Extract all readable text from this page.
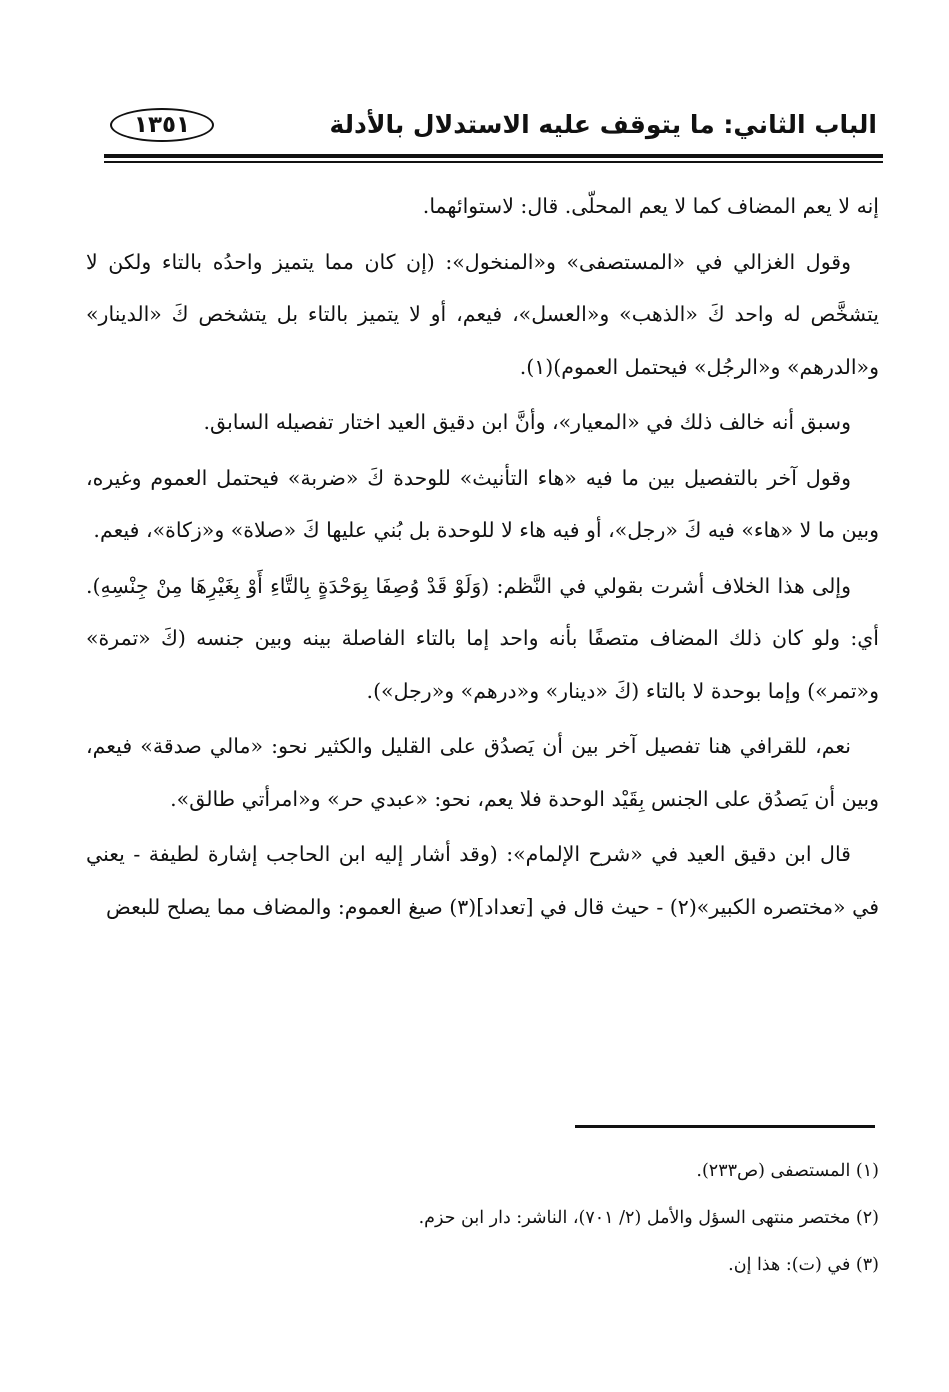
الباب الثاني: ما يتوقف عليه الاستدلال بالأدلة
١٣٥١

إنه لا يعم المضاف كما لا يعم المحلّى. قال: لاستوائهما.

وقول الغزالي في «المستصفى» و«المنخول»: (إن كان مما يتميز واحدُه بالتاء ولكن لا يتشخَّص له واحد كَ «الذهب» و«العسل»، فيعم، أو لا يتميز بالتاء بل يتشخص كَ «الدينار» و«الدرهم» و«الرجُل» فيحتمل العموم)(١).

وسبق أنه خالف ذلك في «المعيار»، وأنَّ ابن دقيق العيد اختار تفصيله السابق.

وقول آخر بالتفصيل بين ما فيه «هاء التأنيث» للوحدة كَ «ضربة» فيحتمل العموم وغيره، وبين ما لا «هاء» فيه كَ «رجل»، أو فيه هاء لا للوحدة بل بُني عليها كَ «صلاة» و«زكاة»، فيعم.

وإلى هذا الخلاف أشرت بقولي في النَّظم: (وَلَوْ قَدْ وُصِفَا بِوَحْدَةٍ بِالتَّاءِ أَوْ بِغَيْرِهَا مِنْ جِنْسِهِ). أي: ولو كان ذلك المضاف متصفًا بأنه واحد إما بالتاء الفاصلة بينه وبين جنسه (كَ «تمرة» و«تمر») وإما بوحدة لا بالتاء (كَ «دينار» و«درهم» و«رجل»).

نعم، للقرافي هنا تفصيل آخر بين أن يَصدُق على القليل والكثير نحو: «مالي صدقة» فيعم، وبين أن يَصدُق على الجنس بِقَيْد الوحدة فلا يعم، نحو: «عبدي حر» و«امرأتي طالق».

قال ابن دقيق العيد في «شرح الإلمام»: (وقد أشار إليه ابن الحاجب إشارة لطيفة - يعني في «مختصره الكبير»(٢) - حيث قال في [تعداد](٣) صيغ العموم: والمضاف مما يصلح للبعض

(١) المستصفى (ص٢٣٣).

(٢) مختصر منتهى السؤل والأمل (٢/ ٧٠١)، الناشر: دار ابن حزم.

(٣) في (ت): هذا إن.
